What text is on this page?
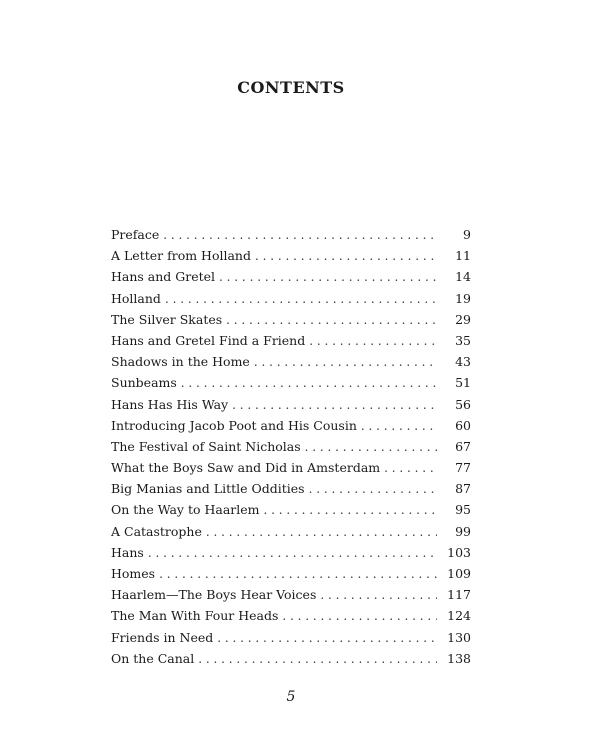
CONTENTS
Preface . . .	9
A Letter from Holland . . .	11
Hans and Gretel . . .	14
Holland . . .	19
The Silver Skates . . .	29
Hans and Gretel Find a Friend . . .	35
Shadows in the Home . . .	43
Sunbeams . . .	51
Hans Has His Way . . .	56
Introducing Jacob Poot and His Cousin . . .	60
The Festival of Saint Nicholas . . .	67
What the Boys Saw and Did in Amsterdam . . .	77
Big Manias and Little Oddities . . .	87
On the Way to Haarlem . . .	95
A Catastrophe . . .	99
Hans . . .	103
Homes . . .	109
Haarlem—The Boys Hear Voices . . .	117
The Man With Four Heads . . .	124
Friends in Need . . .	130
On the Canal . . .	138
5
